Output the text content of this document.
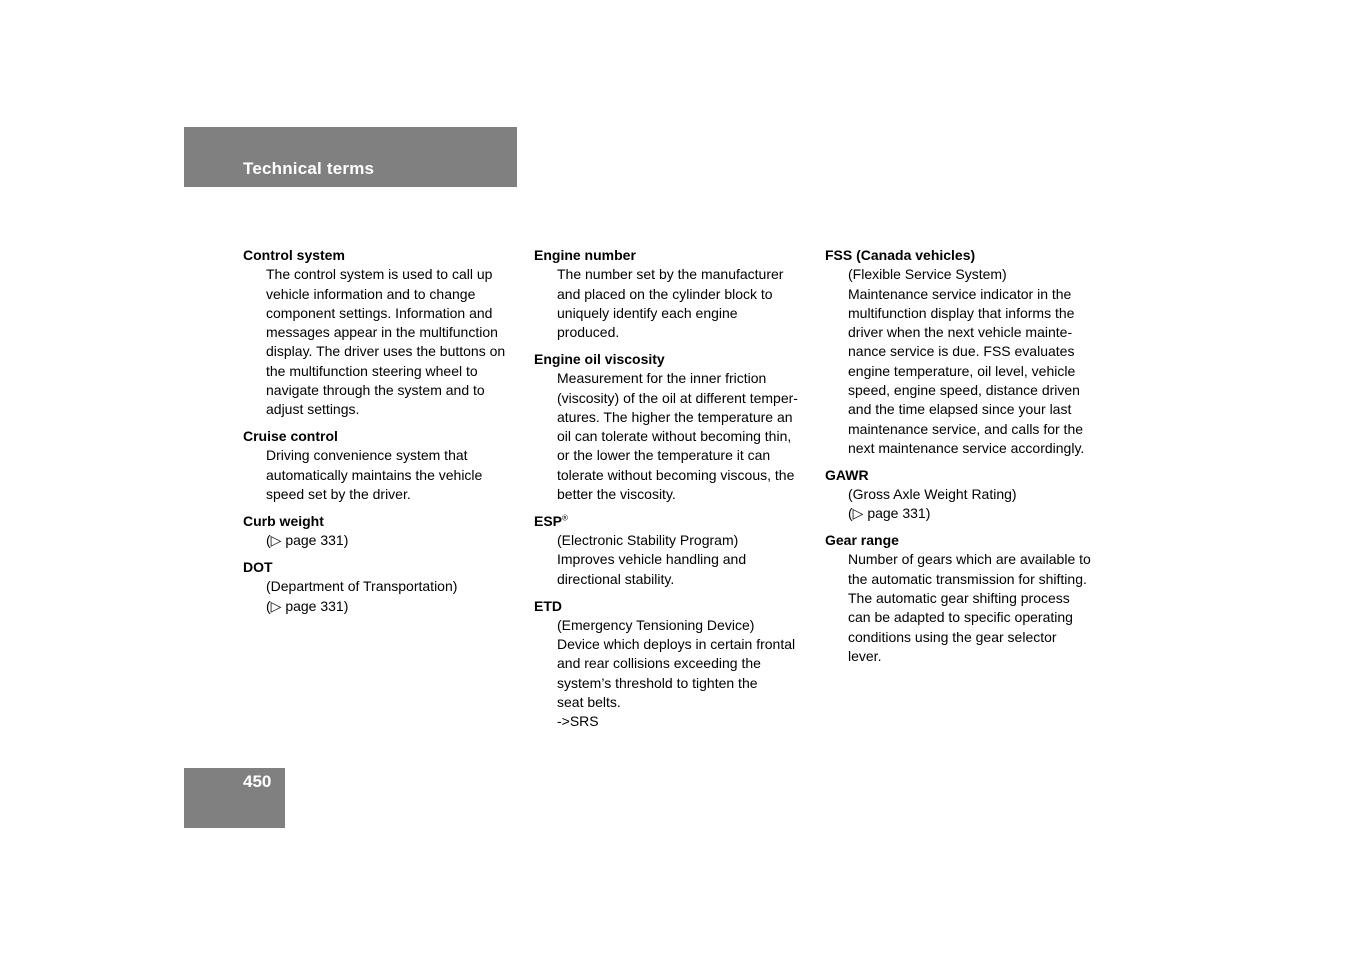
Technical terms
Control system
The control system is used to call up
vehicle information and to change
component settings. Information and
messages appear in the multifunction
display. The driver uses the buttons on
the multifunction steering wheel to
navigate through the system and to
adjust settings.
Cruise control
Driving convenience system that
automatically maintains the vehicle
speed set by the driver.
Curb weight
(▷ page 331)
DOT
(Department of Transportation)
(▷ page 331)
Engine number
The number set by the manufacturer
and placed on the cylinder block to
uniquely identify each engine
produced.
Engine oil viscosity
Measurement for the inner friction
(viscosity) of the oil at different temper-
atures. The higher the temperature an
oil can tolerate without becoming thin,
or the lower the temperature it can
tolerate without becoming viscous, the
better the viscosity.
ESP®
(Electronic Stability Program)
Improves vehicle handling and
directional stability.
ETD
(Emergency Tensioning Device)
Device which deploys in certain frontal
and rear collisions exceeding the
system’s threshold to tighten the
seat belts.
->SRS
FSS (Canada vehicles)
(Flexible Service System)
Maintenance service indicator in the
multifunction display that informs the
driver when the next vehicle mainte-
nance service is due. FSS evaluates
engine temperature, oil level, vehicle
speed, engine speed, distance driven
and the time elapsed since your last
maintenance service, and calls for the
next maintenance service accordingly.
GAWR
(Gross Axle Weight Rating)
(▷ page 331)
Gear range
Number of gears which are available to
the automatic transmission for shifting.
The automatic gear shifting process
can be adapted to specific operating
conditions using the gear selector
lever.
450
